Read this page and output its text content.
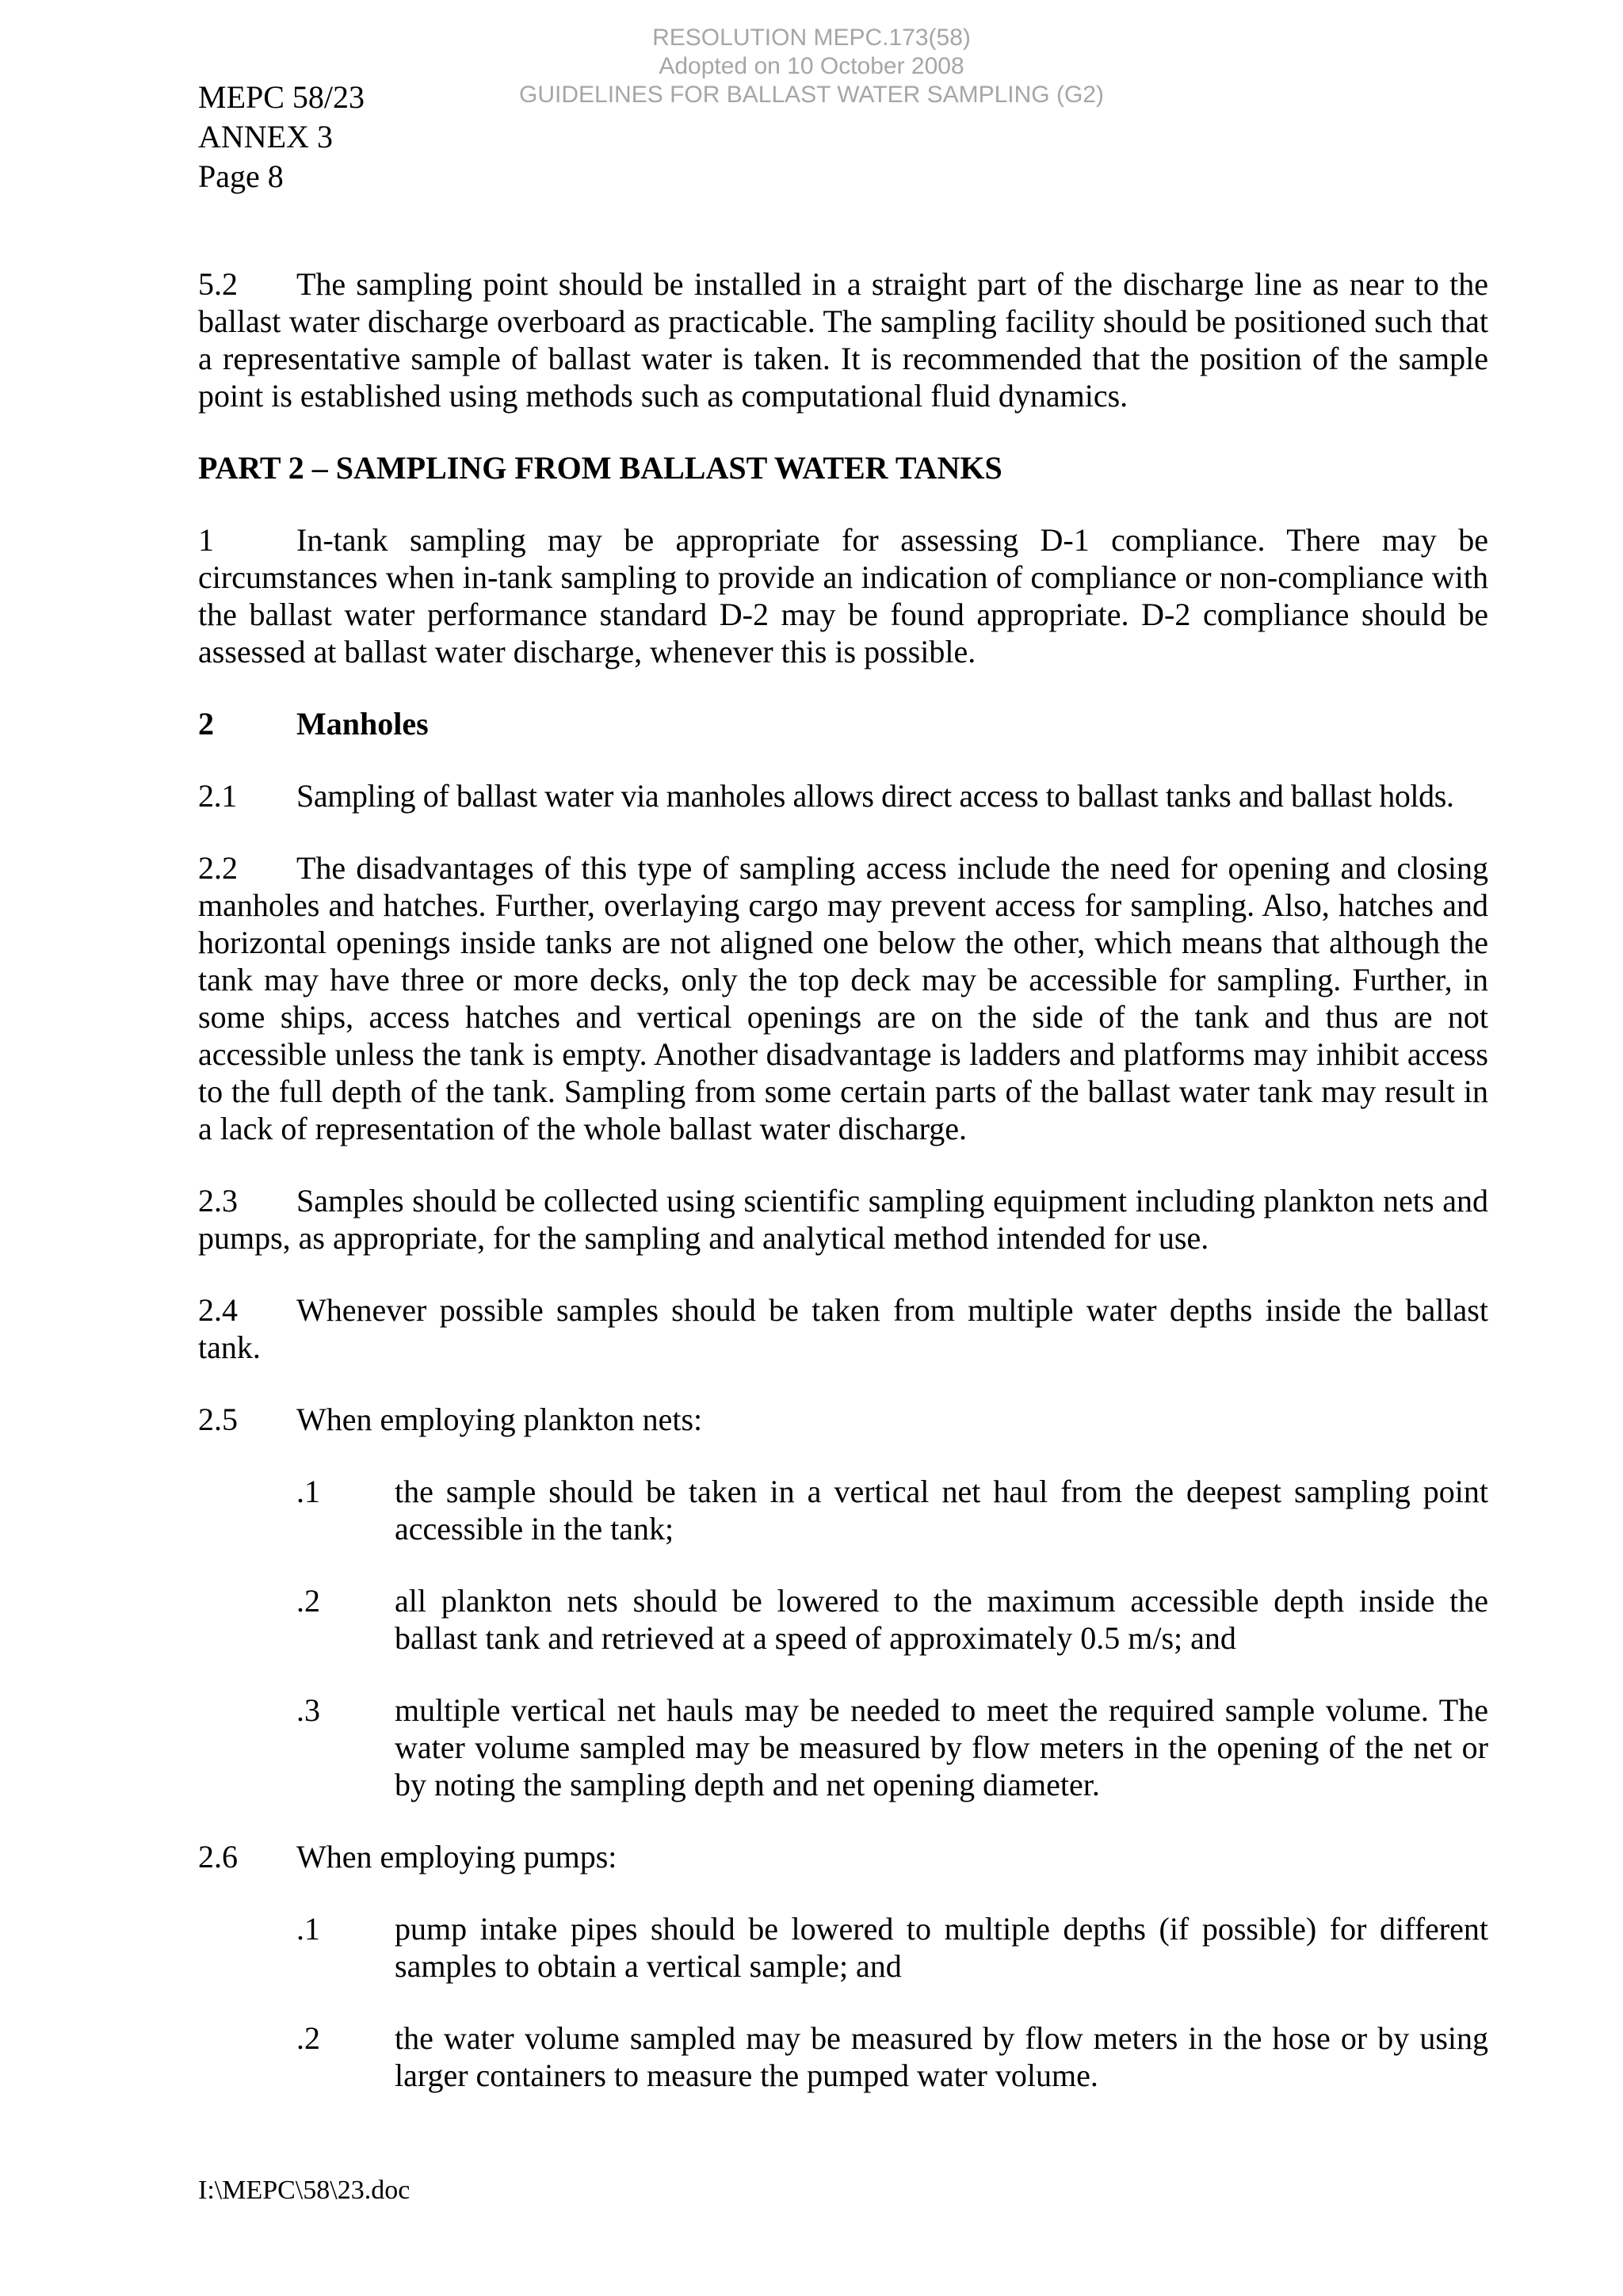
RESOLUTION MEPC.173(58)
Adopted on 10 October 2008
GUIDELINES FOR BALLAST WATER SAMPLING (G2)
MEPC 58/23
ANNEX 3
Page 8

5.2 The sampling point should be installed in a straight part of the discharge line as near to the ballast water discharge overboard as practicable. The sampling facility should be positioned such that a representative sample of ballast water is taken. It is recommended that the position of the sample point is established using methods such as computational fluid dynamics.

PART 2 – SAMPLING FROM BALLAST WATER TANKS

1	In-tank sampling may be appropriate for assessing D-1 compliance. There may be circumstances when in-tank sampling to provide an indication of compliance or non-compliance with the ballast water performance standard D-2 may be found appropriate. D-2 compliance should be assessed at ballast water discharge, whenever this is possible.

2	Manholes

2.1 Sampling of ballast water via manholes allows direct access to ballast tanks and ballast holds.

2.2 The disadvantages of this type of sampling access include the need for opening and closing manholes and hatches. Further, overlaying cargo may prevent access for sampling. Also, hatches and horizontal openings inside tanks are not aligned one below the other, which means that although the tank may have three or more decks, only the top deck may be accessible for sampling. Further, in some ships, access hatches and vertical openings are on the side of the tank and thus are not accessible unless the tank is empty. Another disadvantage is ladders and platforms may inhibit access to the full depth of the tank. Sampling from some certain parts of the ballast water tank may result in a lack of representation of the whole ballast water discharge.

2.3 Samples should be collected using scientific sampling equipment including plankton nets and pumps, as appropriate, for the sampling and analytical method intended for use.

2.4 Whenever possible samples should be taken from multiple water depths inside the ballast tank.

2.5 When employing plankton nets:

.1 the sample should be taken in a vertical net haul from the deepest sampling point accessible in the tank;
.2 all plankton nets should be lowered to the maximum accessible depth inside the ballast tank and retrieved at a speed of approximately 0.5 m/s; and
.3 multiple vertical net hauls may be needed to meet the required sample volume. The water volume sampled may be measured by flow meters in the opening of the net or by noting the sampling depth and net opening diameter.

2.6 When employing pumps:

.1 pump intake pipes should be lowered to multiple depths (if possible) for different samples to obtain a vertical sample; and
.2 the water volume sampled may be measured by flow meters in the hose or by using larger containers to measure the pumped water volume.
I:\MEPC\58\23.doc
